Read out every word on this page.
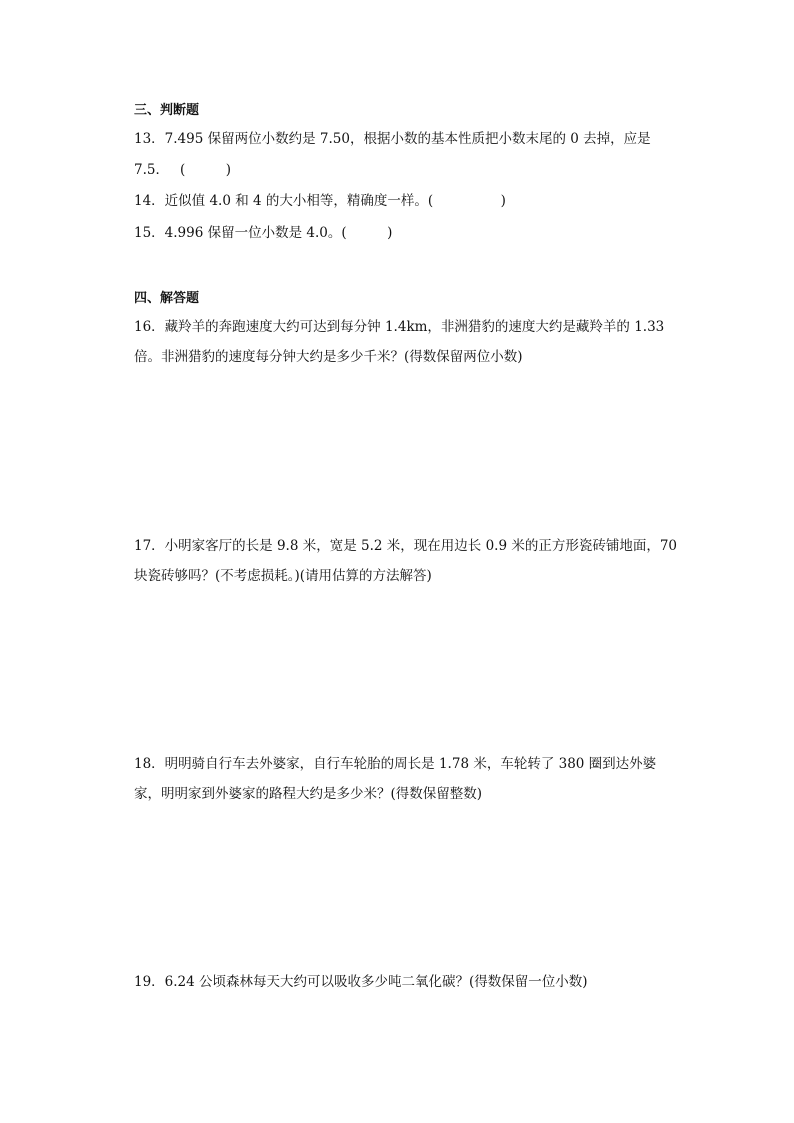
三、判断题
13．7.495 保留两位小数约是 7.50，根据小数的基本性质把小数末尾的 0 去掉，应是
7.5．　 (　　　)
14．近似值 4.0 和 4 的大小相等，精确度一样。(　　　　　)
15．4.996 保留一位小数是 4.0。(　　　)
四、解答题
16．藏羚羊的奔跑速度大约可达到每分钟 1.4km，非洲猎豹的速度大约是藏羚羊的 1.33
倍。非洲猎豹的速度每分钟大约是多少千米？(得数保留两位小数)
17．小明家客厅的长是 9.8 米，宽是 5.2 米，现在用边长 0.9 米的正方形瓷砖铺地面，70
块瓷砖够吗？(不考虑损耗。)(请用估算的方法解答)
18．明明骑自行车去外婆家，自行车轮胎的周长是 1.78 米，车轮转了 380 圈到达外婆
家，明明家到外婆家的路程大约是多少米？(得数保留整数)
19．6.24 公顷森林每天大约可以吸收多少吨二氧化碳？(得数保留一位小数)
